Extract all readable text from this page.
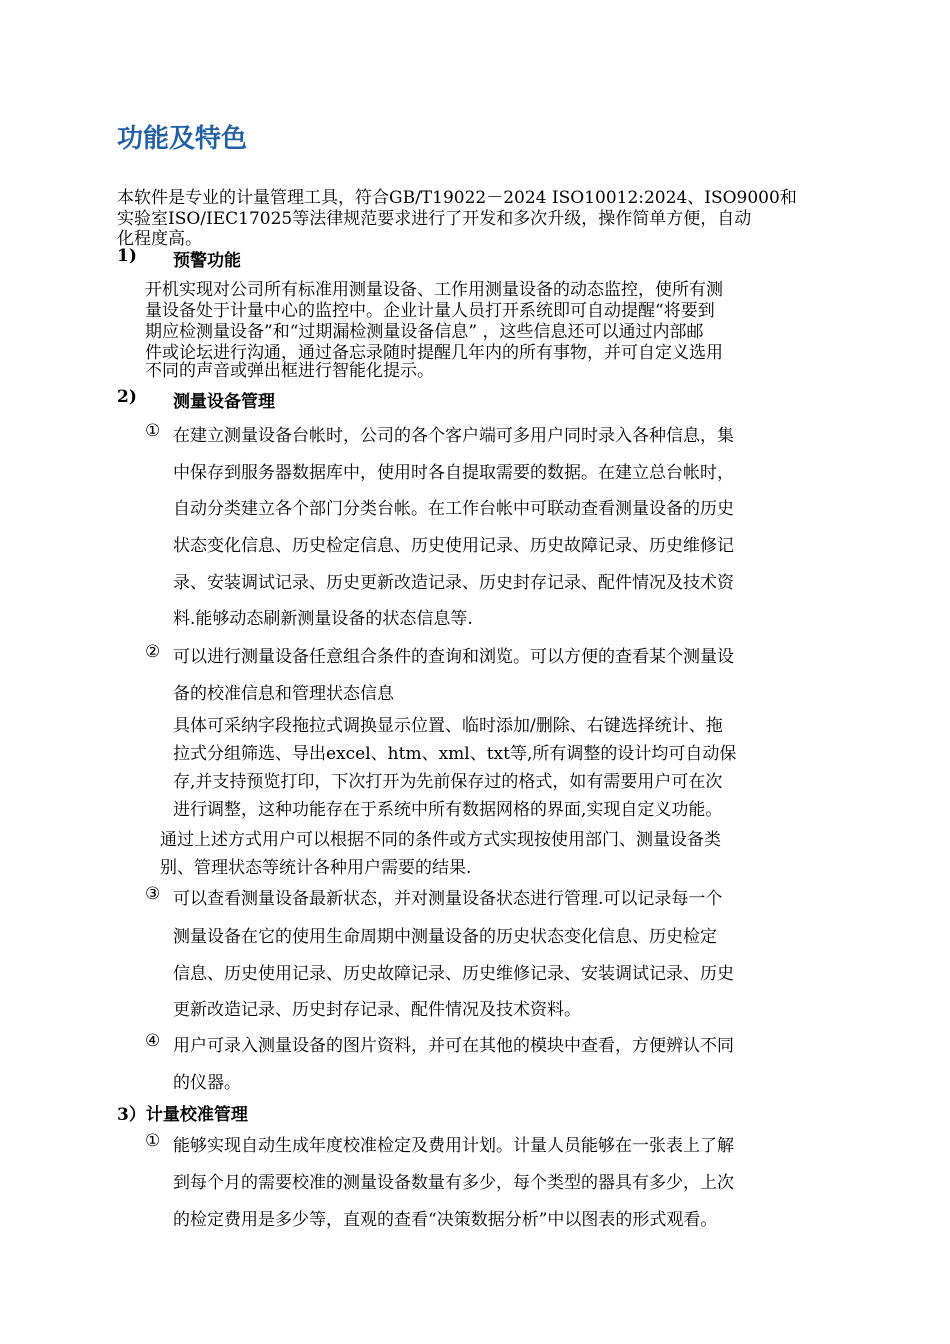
功能及特色

本软件是专业的计量管理工具，符合GB/T19022－2024 ISO10012:2024、ISO9000和

实验室ISO/IEC17025等法律规范要求进行了开发和多次升级，操作简单方便，自动

化程度高。

1) 预警功能

开机实现对公司所有标准用测量设备、工作用测量设备的动态监控，使所有测

量设备处于计量中心的监控中。企业计量人员打开系统即可自动提醒“将要到

期应检测量设备”和“过期漏检测量设备信息” ，这些信息还可以通过内部邮

件或论坛进行沟通，通过备忘录随时提醒几年内的所有事物，并可自定义选用

不同的声音或弹出框进行智能化提示。

2) 测量设备管理

① 在建立测量设备台帐时，公司的各个客户端可多用户同时录入各种信息，集

中保存到服务器数据库中，使用时各自提取需要的数据。在建立总台帐时，

自动分类建立各个部门分类台帐。在工作台帐中可联动查看测量设备的历史

状态变化信息、历史检定信息、历史使用记录、历史故障记录、历史维修记

录、安装调试记录、历史更新改造记录、历史封存记录、配件情况及技术资

料.能够动态刷新测量设备的状态信息等.

② 可以进行测量设备任意组合条件的查询和浏览。可以方便的查看某个测量设

备的校准信息和管理状态信息

具体可采纳字段拖拉式调换显示位置、临时添加/删除、右键选择统计、拖

拉式分组筛选、导出excel、htm、xml、txt等,所有调整的设计均可自动保

存,并支持预览打印，下次打开为先前保存过的格式，如有需要用户可在次

进行调整，这种功能存在于系统中所有数据网格的界面,实现自定义功能。

通过上述方式用户可以根据不同的条件或方式实现按使用部门、测量设备类

别、管理状态等统计各种用户需要的结果.

③ 可以查看测量设备最新状态，并对测量设备状态进行管理.可以记录每一个

测量设备在它的使用生命周期中测量设备的历史状态变化信息、历史检定

信息、历史使用记录、历史故障记录、历史维修记录、安装调试记录、历史

更新改造记录、历史封存记录、配件情况及技术资料。

④ 用户可录入测量设备的图片资料，并可在其他的模块中查看，方便辨认不同

的仪器。

3）计量校准管理

① 能够实现自动生成年度校准检定及费用计划。计量人员能够在一张表上了解

到每个月的需要校准的测量设备数量有多少，每个类型的器具有多少，上次

的检定费用是多少等，直观的查看“决策数据分析”中以图表的形式观看。
